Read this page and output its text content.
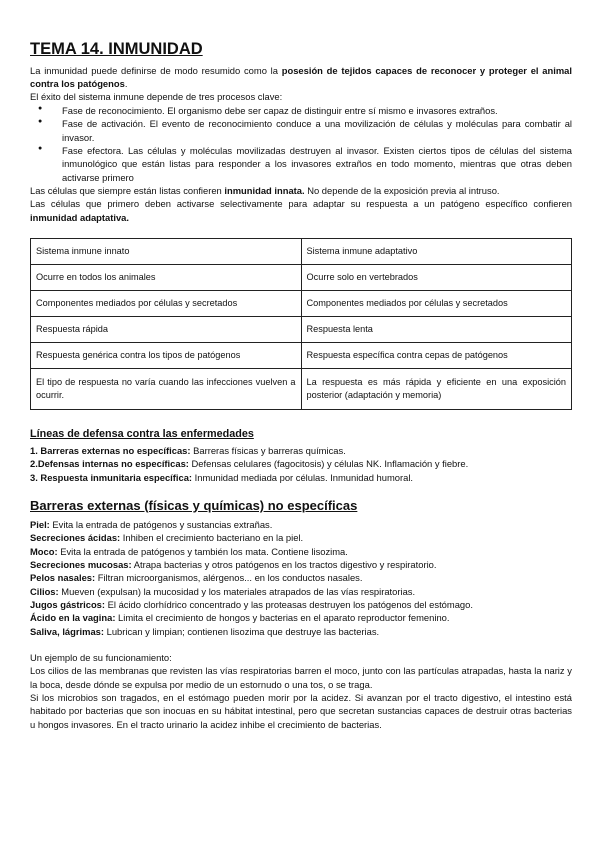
TEMA 14. INMUNIDAD

La inmunidad puede definirse de modo resumido como la posesión de tejidos capaces de reconocer y proteger el animal contra los patógenos.

El éxito del sistema inmune depende de tres procesos clave:

● Fase de reconocimiento. El organismo debe ser capaz de distinguir entre sí mismo e invasores extraños.
● Fase de activación. El evento de reconocimiento conduce a una movilización de células y moléculas para combatir al invasor.
● Fase efectora. Las células y moléculas movilizadas destruyen al invasor. Existen ciertos tipos de células del sistema inmunológico que están listas para responder a los invasores extraños en todo momento, mientras que otras deben activarse primero

Las células que siempre están listas confieren inmunidad innata. No depende de la exposición previa al intruso.

Las células que primero deben activarse selectivamente para adaptar su respuesta a un patógeno específico confieren inmunidad adaptativa.

Sistema inmune innato	Sistema inmune adaptativo
Ocurre en todos los animales	Ocurre solo en vertebrados
Componentes mediados por células y secretados	Componentes mediados por células y secretados
Respuesta rápida	Respuesta lenta
Respuesta genérica contra los tipos de patógenos	Respuesta específica contra cepas de patógenos
El tipo de respuesta no varía cuando las infecciones vuelven a ocurrir.	La respuesta es más rápida y eficiente en una exposición posterior (adaptación y memoria)
Líneas de defensa contra las enfermedades

1. Barreras externas no específicas: Barreras físicas y barreras químicas.

2.Defensas internas no específicas: Defensas celulares (fagocitosis) y células NK. Inflamación y fiebre.

3. Respuesta inmunitaria específica: Inmunidad mediada por células. Inmunidad humoral.

Barreras externas (físicas y químicas) no específicas

Piel: Evita la entrada de patógenos y sustancias extrañas.

Secreciones ácidas: Inhiben el crecimiento bacteriano en la piel.

Moco: Evita la entrada de patógenos y también los mata. Contiene lisozima.

Secreciones mucosas: Atrapa bacterias y otros patógenos en los tractos digestivo y respiratorio.

Pelos nasales: Filtran microorganismos, alérgenos... en los conductos nasales.

Cilios: Mueven (expulsan) la mucosidad y los materiales atrapados de las vías respiratorias.

Jugos gástricos: El ácido clorhídrico concentrado y las proteasas destruyen los patógenos del estómago.

Ácido en la vagina: Limita el crecimiento de hongos y bacterias en el aparato reproductor femenino.

Saliva, lágrimas: Lubrican y limpian; contienen lisozima que destruye las bacterias.

Un ejemplo de su funcionamiento:

Los cilios de las membranas que revisten las vías respiratorias barren el moco, junto con las partículas atrapadas, hasta la nariz y la boca, desde dónde se expulsa por medio de un estornudo o una tos, o se traga.

Si los microbios son tragados, en el estómago pueden morir por la acidez. Si avanzan por el tracto digestivo, el intestino está habitado por bacterias que son inocuas en su hábitat intestinal, pero que secretan sustancias capaces de destruir otras bacterias u hongos invasores. En el tracto urinario la acidez inhibe el crecimiento de bacterias.
